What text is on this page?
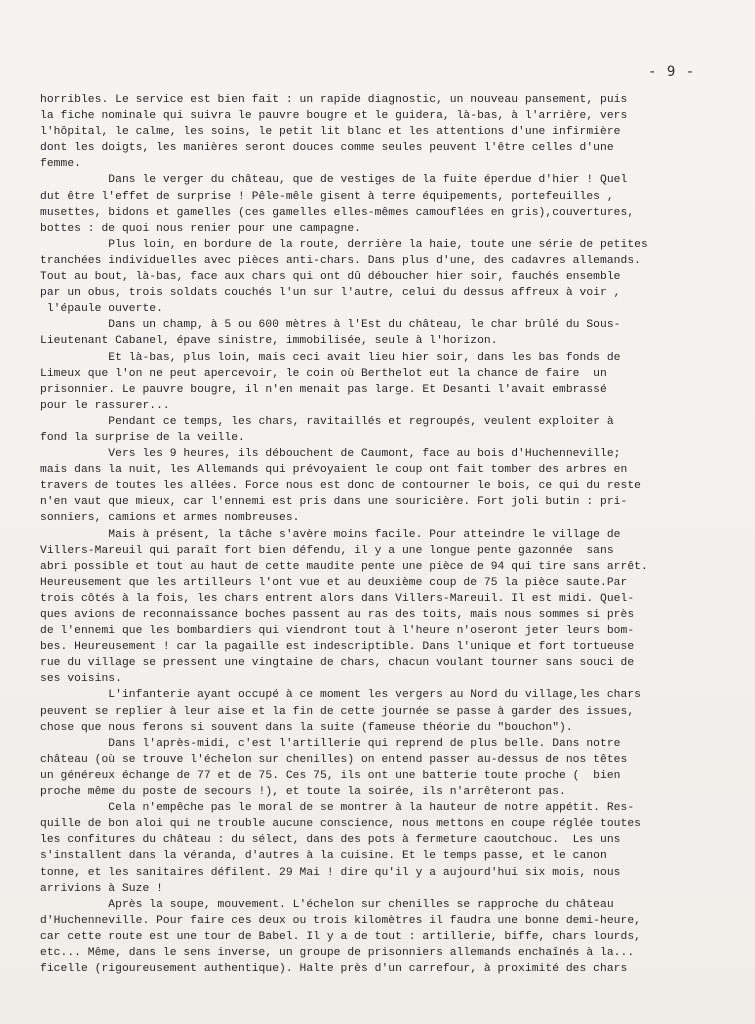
- 9 -
horribles. Le service est bien fait : un rapide diagnostic, un nouveau pansement, puis
la fiche nominale qui suivra le pauvre bougre et le guidera, là-bas, à l'arrière, vers
l'hôpital, le calme, les soins, le petit lit blanc et les attentions d'une infirmière
dont les doigts, les manières seront douces comme seules peuvent l'être celles d'une
femme.
Dans le verger du château, que de vestiges de la fuite éperdue d'hier ! Quel
dut être l'effet de surprise ! Pêle-mêle gisent à terre équipements, portefeuilles ,
musettes, bidons et gamelles (ces gamelles elles-mêmes camouflées en gris),couvertures,
bottes : de quoi nous renier pour une campagne.
Plus loin, en bordure de la route, derrière la haie, toute une série de petites
tranchées individuelles avec pièces anti-chars. Dans plus d'une, des cadavres allemands.
Tout au bout, là-bas, face aux chars qui ont dû déboucher hier soir, fauchés ensemble
par un obus, trois soldats couchés l'un sur l'autre, celui du dessus affreux à voir ,
l'épaule ouverte.
Dans un champ, à 5 ou 600 mètres à l'Est du château, le char brûlé du Sous-
Lieutenant Cabanel, épave sinistre, immobilisée, seule à l'horizon.
Et là-bas, plus loin, mais ceci avait lieu hier soir, dans les bas fonds de
Limeux que l'on ne peut apercevoir, le coin où Berthelot eut la chance de faire  un
prisonnier. Le pauvre bougre, il n'en menait pas large. Et Desanti l'avait embrassé
pour le rassurer...
Pendant ce temps, les chars, ravitaillés et regroupés, veulent exploiter à
fond la surprise de la veille.
Vers les 9 heures, ils débouchent de Caumont, face au bois d'Huchenneville;
mais dans la nuit, les Allemands qui prévoyaient le coup ont fait tomber des arbres en
travers de toutes les allées. Force nous est donc de contourner le bois, ce qui du reste
n'en vaut que mieux, car l'ennemi est pris dans une souricière. Fort joli butin : pri-
sonniers, camions et armes nombreuses.
Mais à présent, la tâche s'avère moins facile. Pour atteindre le village de
Villers-Mareuil qui paraît fort bien défendu, il y a une longue pente gazonnée  sans
abri possible et tout au haut de cette maudite pente une pièce de 94 qui tire sans arrêt.
Heureusement que les artilleurs l'ont vue et au deuxième coup de 75 la pièce saute.Par
trois côtés à la fois, les chars entrent alors dans Villers-Mareuil. Il est midi. Quel-
ques avions de reconnaissance boches passent au ras des toits, mais nous sommes si près
de l'ennemi que les bombardiers qui viendront tout à l'heure n'oseront jeter leurs bom-
bes. Heureusement ! car la pagaille est indescriptible. Dans l'unique et fort tortueuse
rue du village se pressent une vingtaine de chars, chacun voulant tourner sans souci de
ses voisins.
L'infanterie ayant occupé à ce moment les vergers au Nord du village,les chars
peuvent se replier à leur aise et la fin de cette journée se passe à garder des issues,
chose que nous ferons si souvent dans la suite (fameuse théorie du "bouchon").
Dans l'après-midi, c'est l'artillerie qui reprend de plus belle. Dans notre
château (où se trouve l'échelon sur chenilles) on entend passer au-dessus de nos têtes
un généreux échange de 77 et de 75. Ces 75, ils ont une batterie toute proche (  bien
proche même du poste de secours !), et toute la soirée, ils n'arrêteront pas.
Cela n'empêche pas le moral de se montrer à la hauteur de notre appétit. Res-
quille de bon aloi qui ne trouble aucune conscience, nous mettons en coupe réglée toutes
les confitures du château : du sélect, dans des pots à fermeture caoutchouc.  Les uns
s'installent dans la véranda, d'autres à la cuisine. Et le temps passe, et le canon
tonne, et les sanitaires défilent. 29 Mai ! dire qu'il y a aujourd'hui six mois, nous
arrivions à Suze !
Après la soupe, mouvement. L'échelon sur chenilles se rapproche du château
d'Huchenneville. Pour faire ces deux ou trois kilomètres il faudra une bonne demi-heure,
car cette route est une tour de Babel. Il y a de tout : artillerie, biffe, chars lourds,
etc... Même, dans le sens inverse, un groupe de prisonniers allemands enchaînés à la...
ficelle (rigoureusement authentique). Halte près d'un carrefour, à proximité des chars
